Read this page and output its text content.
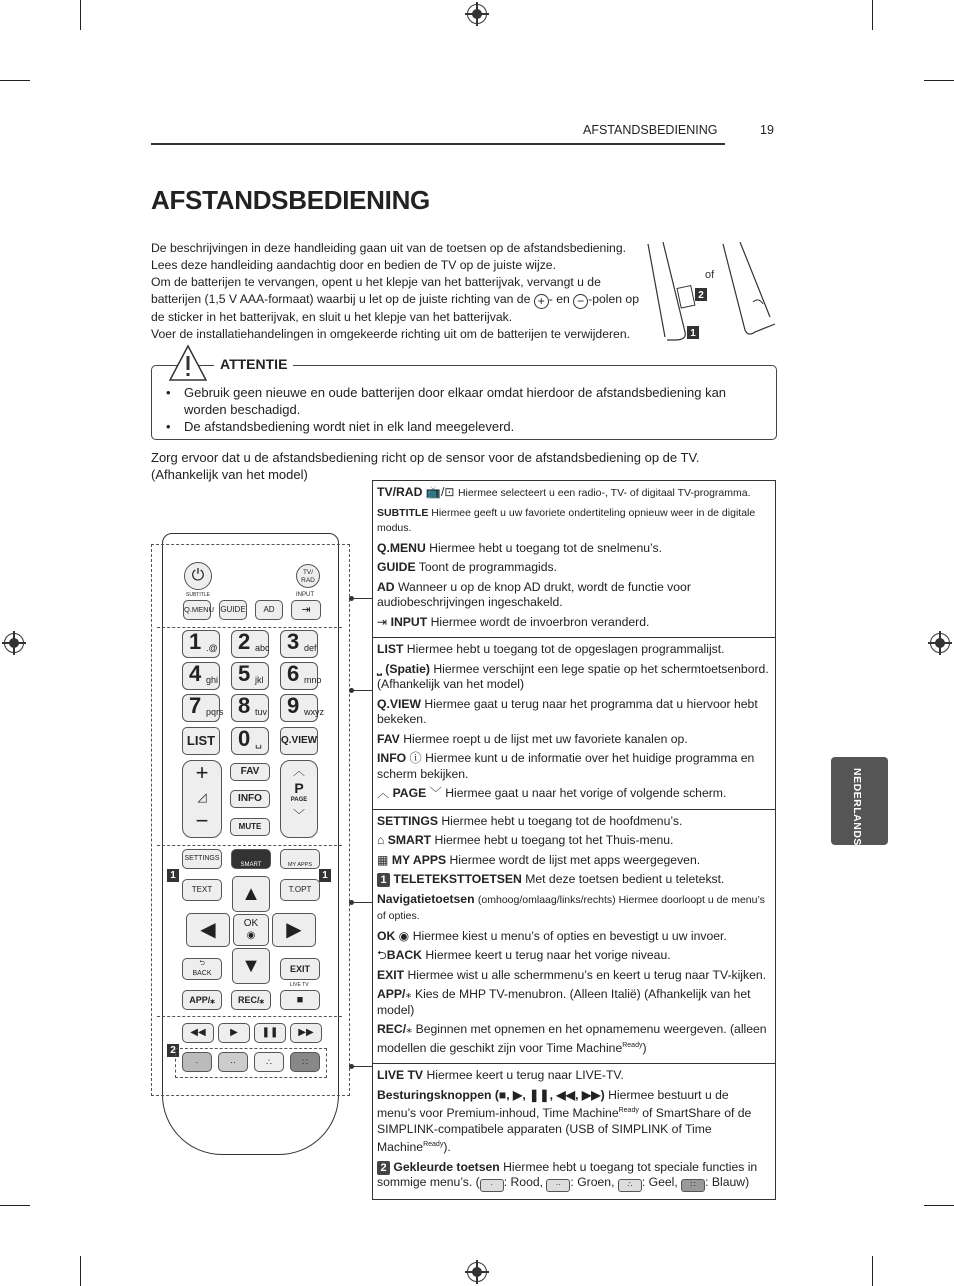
AFSTANDSBEDIENING	19
AFSTANDSBEDIENING

De beschrijvingen in deze handleiding gaan uit van de toetsen op de afstandsbediening.

Lees deze handleiding aandachtig door en bedien de TV op de juiste wijze.

Om de batterijen te vervangen, opent u het klepje van het batterijvak, vervangt u de batterijen (1,5 V AAA-formaat) waarbij u let op de juiste richting van de + - en − -polen op de sticker in het batterijvak, en sluit u het klepje van het batterijvak.

Voer de installatiehandelingen in omgekeerde richting uit om de batterijen te verwijderen.

2
1
of
ATTENTIE
• Gebruik geen nieuwe en oude batterijen door elkaar omdat hierdoor de afstandsbediening kan worden beschadigd.
• De afstandsbediening wordt niet in elk land meegeleverd.
Zorg ervoor dat u de afstandsbediening richt op de sensor voor de afstandsbediening op de TV. (Afhankelijk van het model)
NEDERLANDS
⏻	TV/ RAD
SUBTITLE	INPUT
Q.MENU GUIDE	AD	⇥
1 .@ 2 abc 3 def
4 ghi 5 jkl 6 mno
7 pqrs 8 tuv 9 wxyz
LIST 0 ␣ Q.VIEW
+
◿
−
FAV
INFO
MUTE
︿
P
PAGE
﹀
SETTINGS
SMART	MY APPS
1	1
TEXT	T.OPT
▲
◀	OK
◉	▶
▼
⮌
BACK	EXIT
APP/⁎	REC/⁎
LIVE TV
■
◀◀	▶	❚❚	▶▶
2
·	··	∴	∷
TV/RAD 📺/⊡ Hiermee selecteert u een radio-, TV- of digitaal TV-programma.
SUBTITLE Hiermee geeft u uw favoriete ondertiteling opnieuw weer in de digitale modus.
Q.MENU Hiermee hebt u toegang tot de snelmenu’s.
GUIDE Toont de programmagids.
AD Wanneer u op de knop AD drukt, wordt de functie voor audiobeschrijvingen ingeschakeld.
⇥ INPUT Hiermee wordt de invoerbron veranderd.
LIST Hiermee hebt u toegang tot de opgeslagen programmalijst.
⎵ (Spatie) Hiermee verschijnt een lege spatie op het schermtoetsenbord. (Afhankelijk van het model)
Q.VIEW Hiermee gaat u terug naar het programma dat u hiervoor hebt bekeken.
FAV Hiermee roept u de lijst met uw favoriete kanalen op.
INFO ⓘ Hiermee kunt u de informatie over het huidige programma en scherm bekijken.
︿ PAGE ﹀ Hiermee gaat u naar het vorige of volgende scherm.
SETTINGS Hiermee hebt u toegang tot de hoofdmenu’s.
⌂ SMART Hiermee hebt u toegang tot het Thuis-menu.
▦ MY APPS Hiermee wordt de lijst met apps weergegeven.
1 TELETEKSTTOETSEN Met deze toetsen bedient u teletekst.
Navigatietoetsen (omhoog/omlaag/links/rechts) Hiermee doorloopt u de menu’s of opties.
OK ◉ Hiermee kiest u menu’s of opties en bevestigt u uw invoer.
⮌BACK Hiermee keert u terug naar het vorige niveau.
EXIT Hiermee wist u alle schermmenu’s en keert u terug naar TV-kijken.
APP/⁎ Kies de MHP TV-menubron. (Alleen Italië) (Afhankelijk van het model)
REC/⁎ Beginnen met opnemen en het opnamemenu weergeven. (alleen modellen die geschikt zijn voor Time Machine$^{Ready}$)
LIVE TV Hiermee keert u terug naar LIVE-TV.
Besturingsknoppen (■, ▶, ❚❚, ◀◀, ▶▶) Hiermee bestuurt u de menu’s voor Premium-inhoud, Time Machine$^{Ready}$ of SmartShare of de SIMPLINK-compatibele apparaten (USB of SIMPLINK of Time Machine$^{Ready}$).
2 Gekleurde toetsen Hiermee hebt u toegang tot speciale functies in sommige menu’s. ( · : Rood, ·· : Groen, ∴ : Geel, ∷ : Blauw)
